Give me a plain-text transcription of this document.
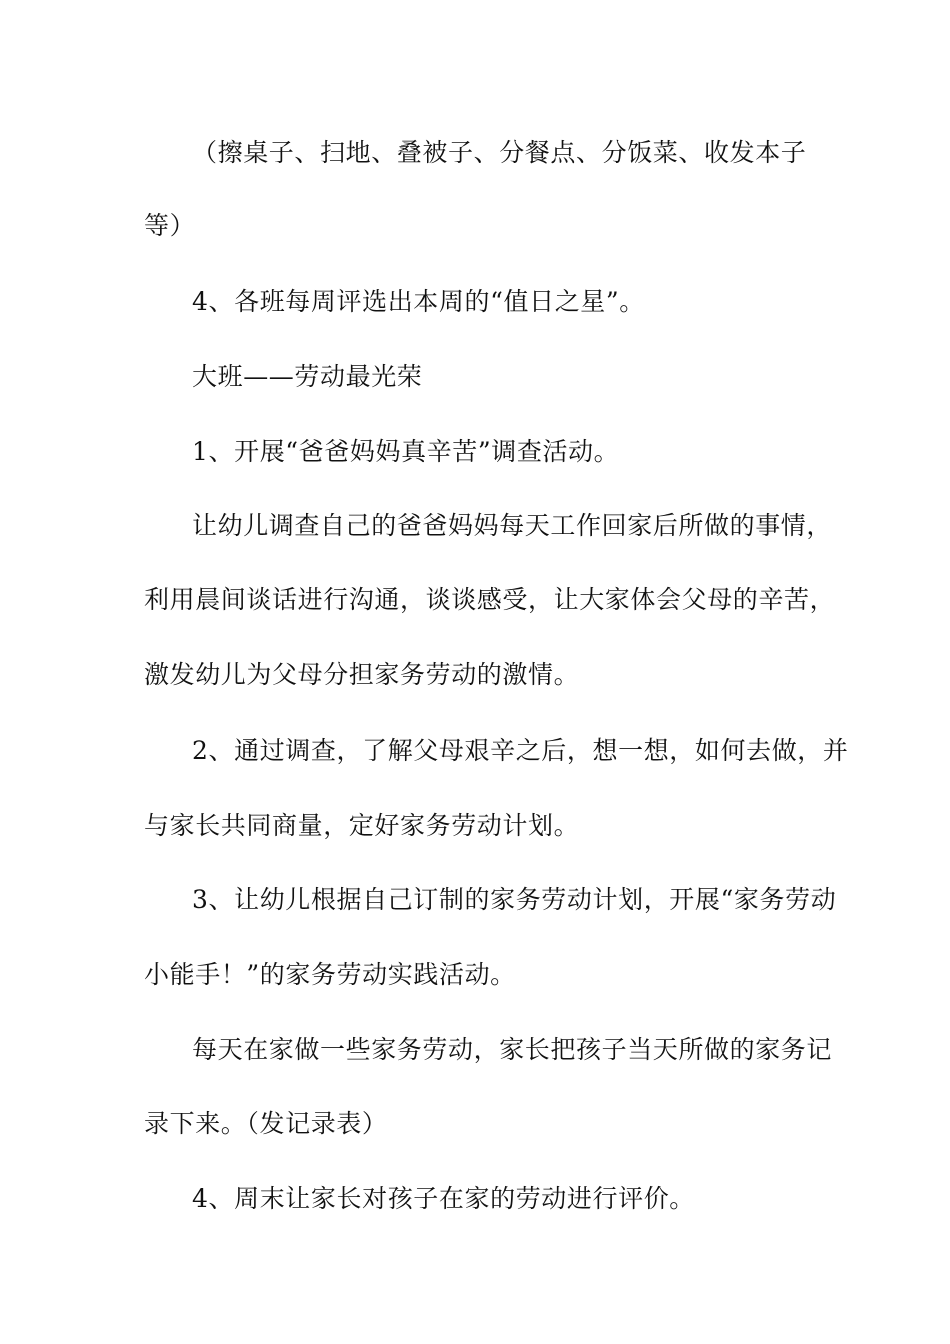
（擦桌子、扫地、叠被子、分餐点、分饭菜、收发本子
等）
4、各班每周评选出本周的“值日之星”。
大班——劳动最光荣
1、开展“爸爸妈妈真辛苦”调查活动。
让幼儿调查自己的爸爸妈妈每天工作回家后所做的事情，
利用晨间谈话进行沟通，谈谈感受，让大家体会父母的辛苦，
激发幼儿为父母分担家务劳动的激情。
2、通过调查，了解父母艰辛之后，想一想，如何去做，并
与家长共同商量，定好家务劳动计划。
3、让幼儿根据自己订制的家务劳动计划，开展“家务劳动
小能手！”的家务劳动实践活动。
每天在家做一些家务劳动，家长把孩子当天所做的家务记
录下来。（发记录表）
4、周末让家长对孩子在家的劳动进行评价。
